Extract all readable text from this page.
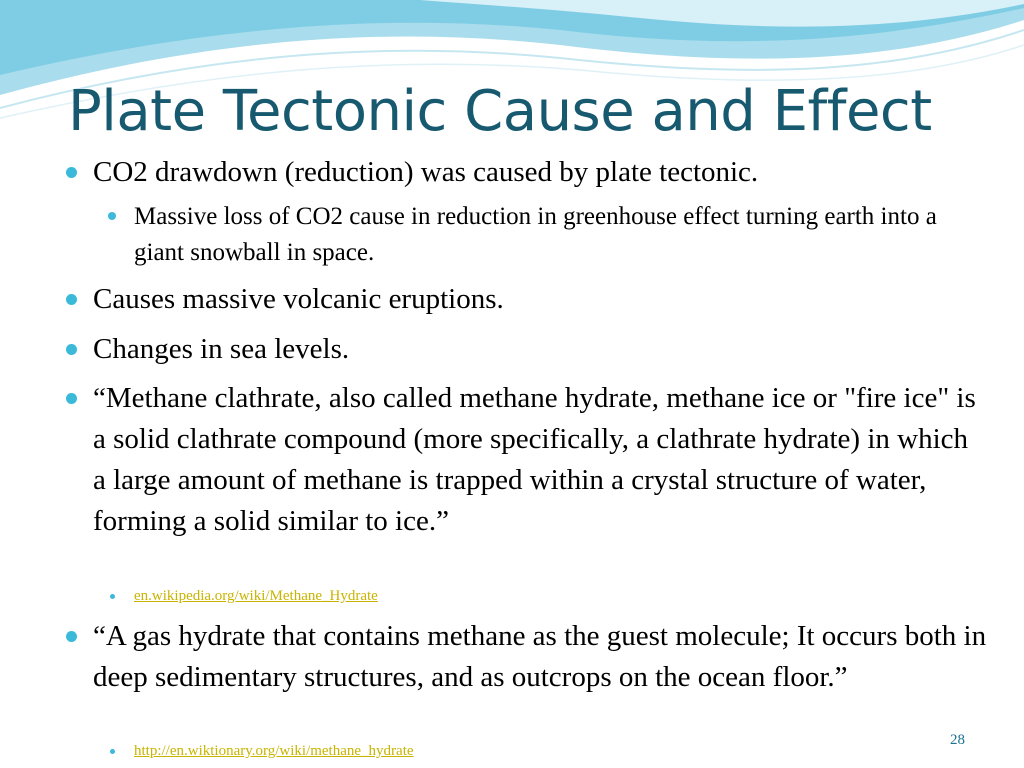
Plate Tectonic Cause and Effect

CO2 drawdown (reduction) was caused by plate tectonic.

Massive loss of CO2 cause in reduction in greenhouse effect turning earth into a giant snowball in space.

Causes massive volcanic eruptions.

Changes in sea levels.

“Methane clathrate, also called methane hydrate, methane ice or "fire ice" is a solid clathrate compound (more specifically, a clathrate hydrate) in which a large amount of methane is trapped within a crystal structure of water, forming a solid similar to ice.”

en.wikipedia.org/wiki/Methane_Hydrate

“A gas hydrate that contains methane as the guest molecule; It occurs both in deep sedimentary structures, and as outcrops on the ocean floor.”

http://en.wiktionary.org/wiki/methane_hydrate

28
